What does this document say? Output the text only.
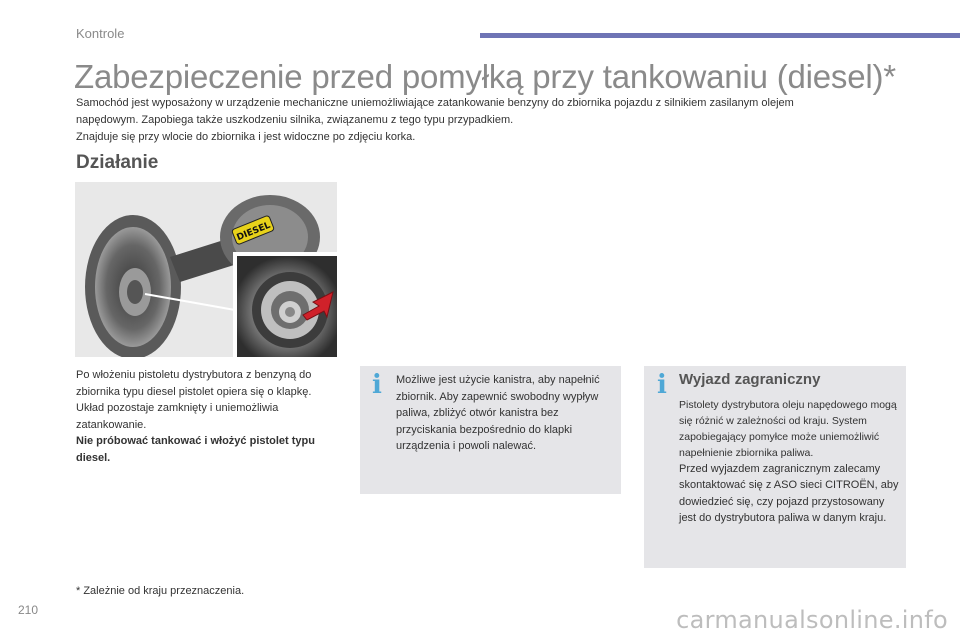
Kontrole
Zabezpieczenie przed pomyłką przy tankowaniu (diesel)*

Samochód jest wyposażony w urządzenie mechaniczne uniemożliwiające zatankowanie benzyny do zbiornika pojazdu z silnikiem zasilanym olejem napędowym. Zapobiega także uszkodzeniu silnika, związanemu z tego typu przypadkiem.

Znajduje się przy wlocie do zbiornika i jest widoczne po zdjęciu korka.

Działanie
DIESEL

Po włożeniu pistoletu dystrybutora z benzyną do zbiornika typu diesel pistolet opiera się o klapkę. Układ pozostaje zamknięty i uniemożliwia zatankowanie.

Nie próbować tankować i włożyć pistolet typu diesel.

i Możliwe jest użycie kanistra, aby napełnić zbiornik. Aby zapewnić swobodny wypływ paliwa, zbliżyć otwór kanistra bez przyciskania bezpośrednio do klapki urządzenia i powoli nalewać.

i Wyjazd zagraniczny

Pistolety dystrybutora oleju napędowego mogą się różnić w zależności od kraju. System zapobiegający pomyłce może uniemożliwić napełnienie zbiornika paliwa.

Przed wyjazdem zagranicznym zalecamy skontaktować się z ASO sieci CITROËN, aby dowiedzieć się, czy pojazd przystosowany jest do dystrybutora paliwa w danym kraju.

* Zależnie od kraju przeznaczenia.
210	carmanualsonline.info
